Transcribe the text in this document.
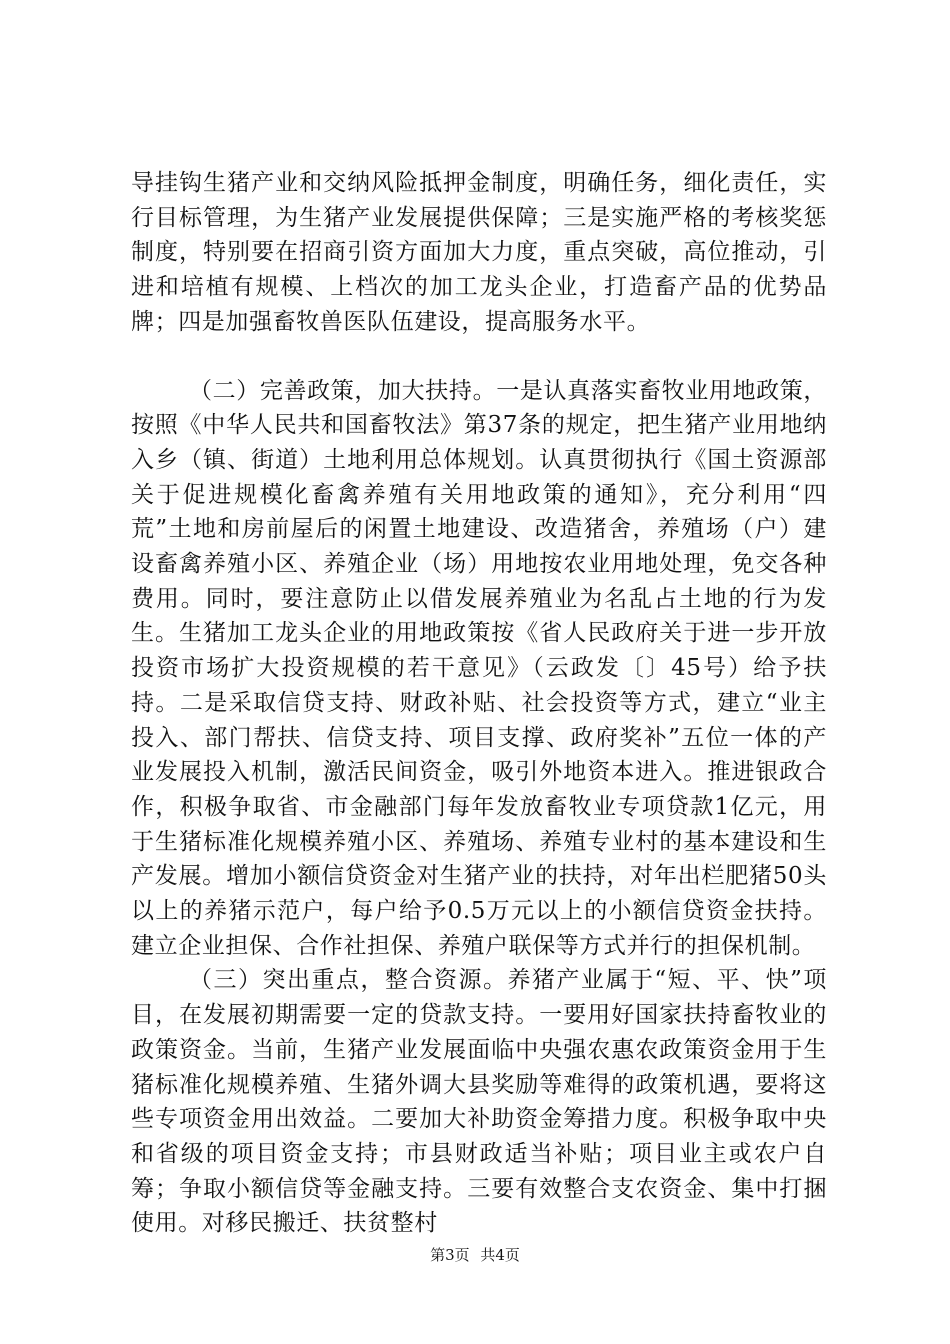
导挂钩生猪产业和交纳风险抵押金制度，明确任务，细化责任，实行目标管理，为生猪产业发展提供保障；三是实施严格的考核奖惩制度，特别要在招商引资方面加大力度，重点突破，高位推动，引进和培植有规模、上档次的加工龙头企业，打造畜产品的优势品牌；四是加强畜牧兽医队伍建设，提高服务水平。

（二）完善政策，加大扶持。一是认真落实畜牧业用地政策，按照《中华人民共和国畜牧法》第37条的规定，把生猪产业用地纳入乡（镇、街道）土地利用总体规划。认真贯彻执行《国土资源部关于促进规模化畜禽养殖有关用地政策的通知》，充分利用“四荒”土地和房前屋后的闲置土地建设、改造猪舍，养殖场（户）建设畜禽养殖小区、养殖企业（场）用地按农业用地处理，免交各种费用。同时，要注意防止以借发展养殖业为名乱占土地的行为发生。生猪加工龙头企业的用地政策按《省人民政府关于进一步开放投资市场扩大投资规模的若干意见》（云政发〔〕45号）给予扶持。二是采取信贷支持、财政补贴、社会投资等方式，建立“业主投入、部门帮扶、信贷支持、项目支撑、政府奖补”五位一体的产业发展投入机制，激活民间资金，吸引外地资本进入。推进银政合作，积极争取省、市金融部门每年发放畜牧业专项贷款1亿元，用于生猪标准化规模养殖小区、养殖场、养殖专业村的基本建设和生产发展。增加小额信贷资金对生猪产业的扶持，对年出栏肥猪50头以上的养猪示范户，每户给予0.5万元以上的小额信贷资金扶持。建立企业担保、合作社担保、养殖户联保等方式并行的担保机制。

（三）突出重点，整合资源。养猪产业属于“短、平、快”项目，在发展初期需要一定的贷款支持。一要用好国家扶持畜牧业的政策资金。当前，生猪产业发展面临中央强农惠农政策资金用于生猪标准化规模养殖、生猪外调大县奖励等难得的政策机遇，要将这些专项资金用出效益。二要加大补助资金筹措力度。积极争取中央和省级的项目资金支持；市县财政适当补贴；项目业主或农户自筹；争取小额信贷等金融支持。三要有效整合支农资金、集中打捆使用。对移民搬迁、扶贫整村

第3页 共4页
